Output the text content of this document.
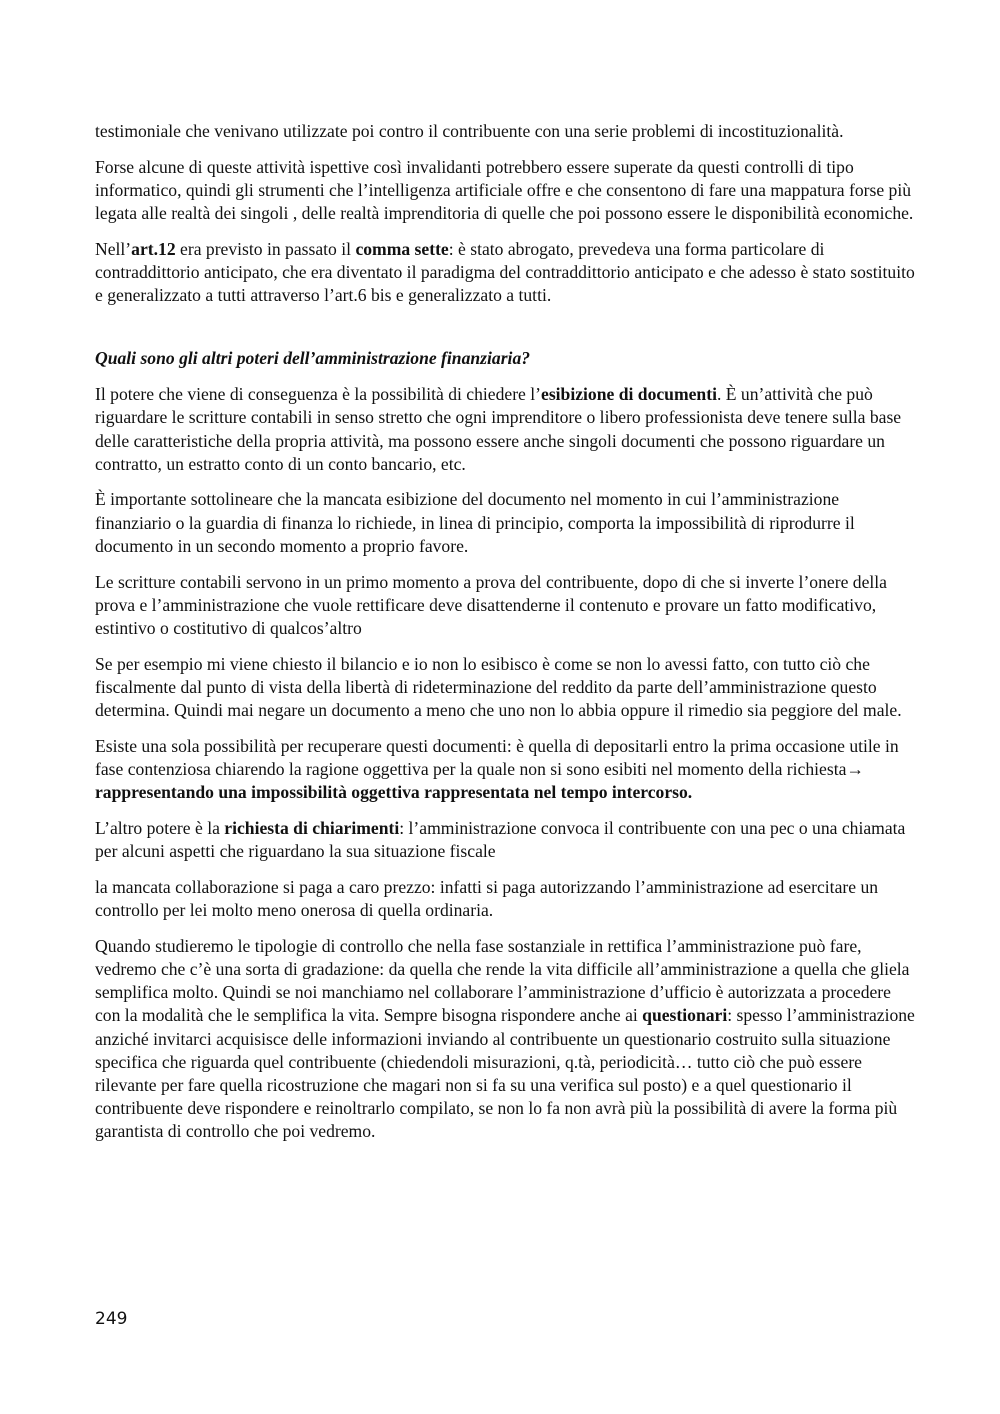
testimoniale che venivano utilizzate poi contro il contribuente con una serie problemi di incostituzionalità.

Forse alcune di queste attività ispettive così invalidanti potrebbero essere superate da questi controlli di tipo informatico, quindi gli strumenti che l’intelligenza artificiale offre e che consentono di fare una mappatura forse più legata alle realtà dei singoli , delle realtà imprenditoria di quelle che poi possono essere le disponibilità economiche.

Nell’art.12 era previsto in passato il comma sette: è stato abrogato, prevedeva una forma particolare di contraddittorio anticipato, che era diventato il paradigma del contraddittorio anticipato e che adesso è stato sostituito e generalizzato a tutti attraverso l’art.6 bis e generalizzato a tutti.

Quali sono gli altri poteri dell’amministrazione finanziaria?

Il potere che viene di conseguenza è la possibilità di chiedere l’esibizione di documenti. È un’attività che può riguardare le scritture contabili in senso stretto che ogni imprenditore o libero professionista deve tenere sulla base delle caratteristiche della propria attività, ma possono essere anche singoli documenti che possono riguardare un contratto, un estratto conto di un conto bancario, etc.

È importante sottolineare che la mancata esibizione del documento nel momento in cui l’amministrazione finanziario o la guardia di finanza lo richiede, in linea di principio, comporta la impossibilità di riprodurre il documento in un secondo momento a proprio favore.

Le scritture contabili servono in un primo momento a prova del contribuente, dopo di che si inverte l’onere della prova e l’amministrazione che vuole rettificare deve disattenderne il contenuto e provare un fatto modificativo, estintivo o costitutivo di qualcos’altro

Se per esempio mi viene chiesto il bilancio e io non lo esibisco è come se non lo avessi fatto, con tutto ciò che fiscalmente dal punto di vista della libertà di rideterminazione del reddito da parte dell’amministrazione questo determina. Quindi mai negare un documento a meno che uno non lo abbia oppure il rimedio sia peggiore del male.

Esiste una sola possibilità per recuperare questi documenti: è quella di depositarli entro la prima occasione utile in fase contenziosa chiarendo la ragione oggettiva per la quale non si sono esibiti nel momento della richiesta→ rappresentando una impossibilità oggettiva rappresentata nel tempo intercorso.

L’altro potere è la richiesta di chiarimenti: l’amministrazione convoca il contribuente con una pec o una chiamata per alcuni aspetti che riguardano la sua situazione fiscale

la mancata collaborazione si paga a caro prezzo: infatti si paga autorizzando l’amministrazione ad esercitare un controllo per lei molto meno onerosa di quella ordinaria.

Quando studieremo le tipologie di controllo che nella fase sostanziale in rettifica l’amministrazione può fare, vedremo che c’è una sorta di gradazione: da quella che rende la vita difficile all’amministrazione a quella che gliela semplifica molto. Quindi se noi manchiamo nel collaborare l’amministrazione d’ufficio è autorizzata a procedere con la modalità che le semplifica la vita. Sempre bisogna rispondere anche ai questionari: spesso l’amministrazione anziché invitarci acquisisce delle informazioni inviando al contribuente un questionario costruito sulla situazione specifica che riguarda quel contribuente (chiedendoli misurazioni, q.tà, periodicità… tutto ciò che può essere rilevante per fare quella ricostruzione che magari non si fa su una verifica sul posto) e a quel questionario il contribuente deve rispondere e reinoltrarlo compilato, se non lo fa non avrà più la possibilità di avere la forma più garantista di controllo che poi vedremo.

249
